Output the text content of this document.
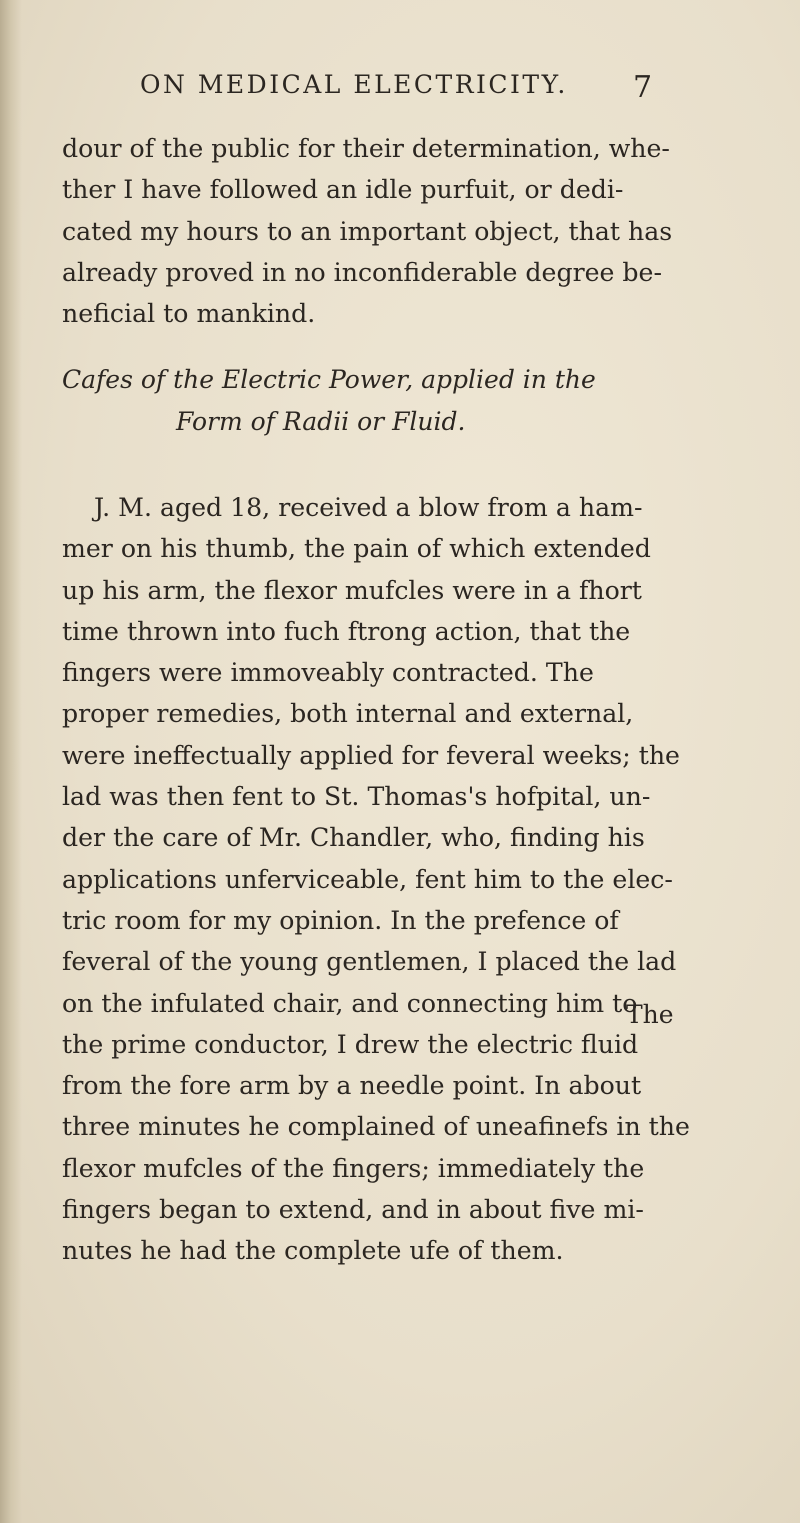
ON MEDICAL ELECTRICITY. 7
dour of the public for their determination, whe-
ther I have followed an idle purfuit, or dedi-
cated my hours to an important object, that has
already proved in no inconfiderable degree be-
neficial to mankind.
Cafes of the Electric Power, applied in the
Form of Radii or Fluid.
J. M. aged 18, received a blow from a ham-
mer on his thumb, the pain of which extended
up his arm, the flexor mufcles were in a fhort
time thrown into fuch ftrong action, that the
fingers were immoveably contracted. The
proper remedies, both internal and external,
were ineffectually applied for feveral weeks; the
lad was then fent to St. Thomas's hofpital, un-
der the care of Mr. Chandler, who, finding his
applications unferviceable, fent him to the elec-
tric room for my opinion. In the prefence of
feveral of the young gentlemen, I placed the lad
on the infulated chair, and connecting him to
the prime conductor, I drew the electric fluid
from the fore arm by a needle point. In about
three minutes he complained of uneafinefs in the
flexor mufcles of the fingers; immediately the
fingers began to extend, and in about five mi-
nutes he had the complete ufe of them.
The
